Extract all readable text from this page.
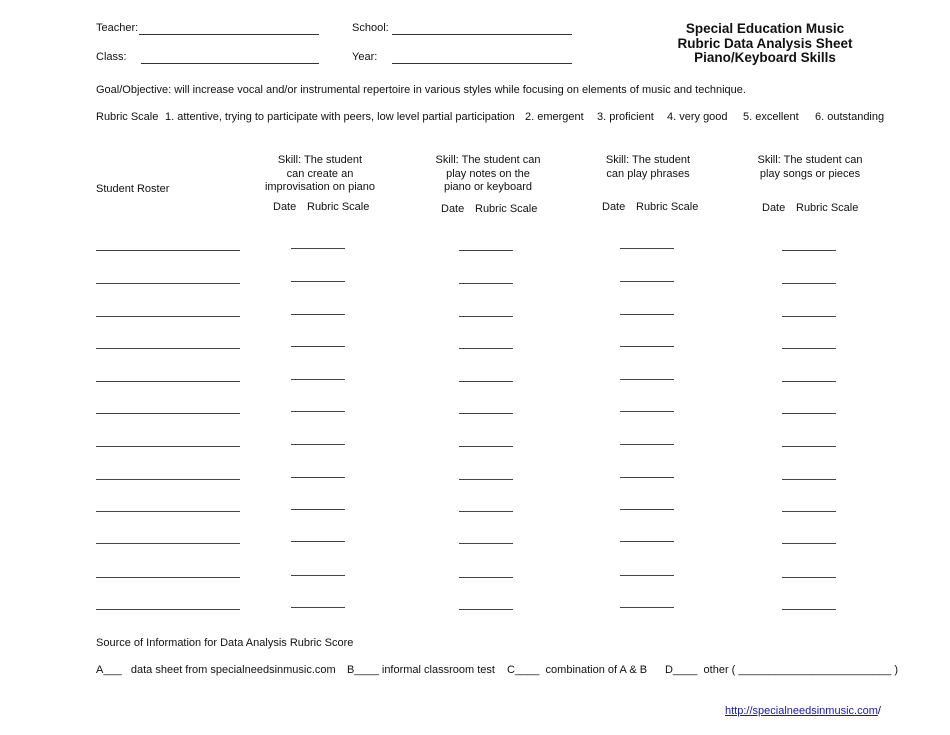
Teacher:	School:
Class:	Year:
Special Education Music
Rubric Data Analysis Sheet
Piano/Keyboard Skills
Goal/Objective: will increase vocal and/or instrumental repertoire in various styles while focusing on elements of music and technique.
Rubric Scale 1. attentive, trying to participate with peers, low level partial participation 2. emergent 3. proficient 4. very good 5. excellent 6. outstanding
Student Roster
Skill: The student
can create an
improvisation on piano
Date Rubric Scale
Skill: The student can
play notes on the
piano or keyboard
Date Rubric Scale
Skill: The student
can play phrases
Date Rubric Scale
Skill: The student can
play songs or pieces
Date Rubric Scale
Source of Information for Data Analysis Rubric Score
A___ data sheet from specialneedsinmusic.com B____ informal classroom test C____ combination of A & B D____ other ( _________________________ )
http://specialneedsinmusic.com/
